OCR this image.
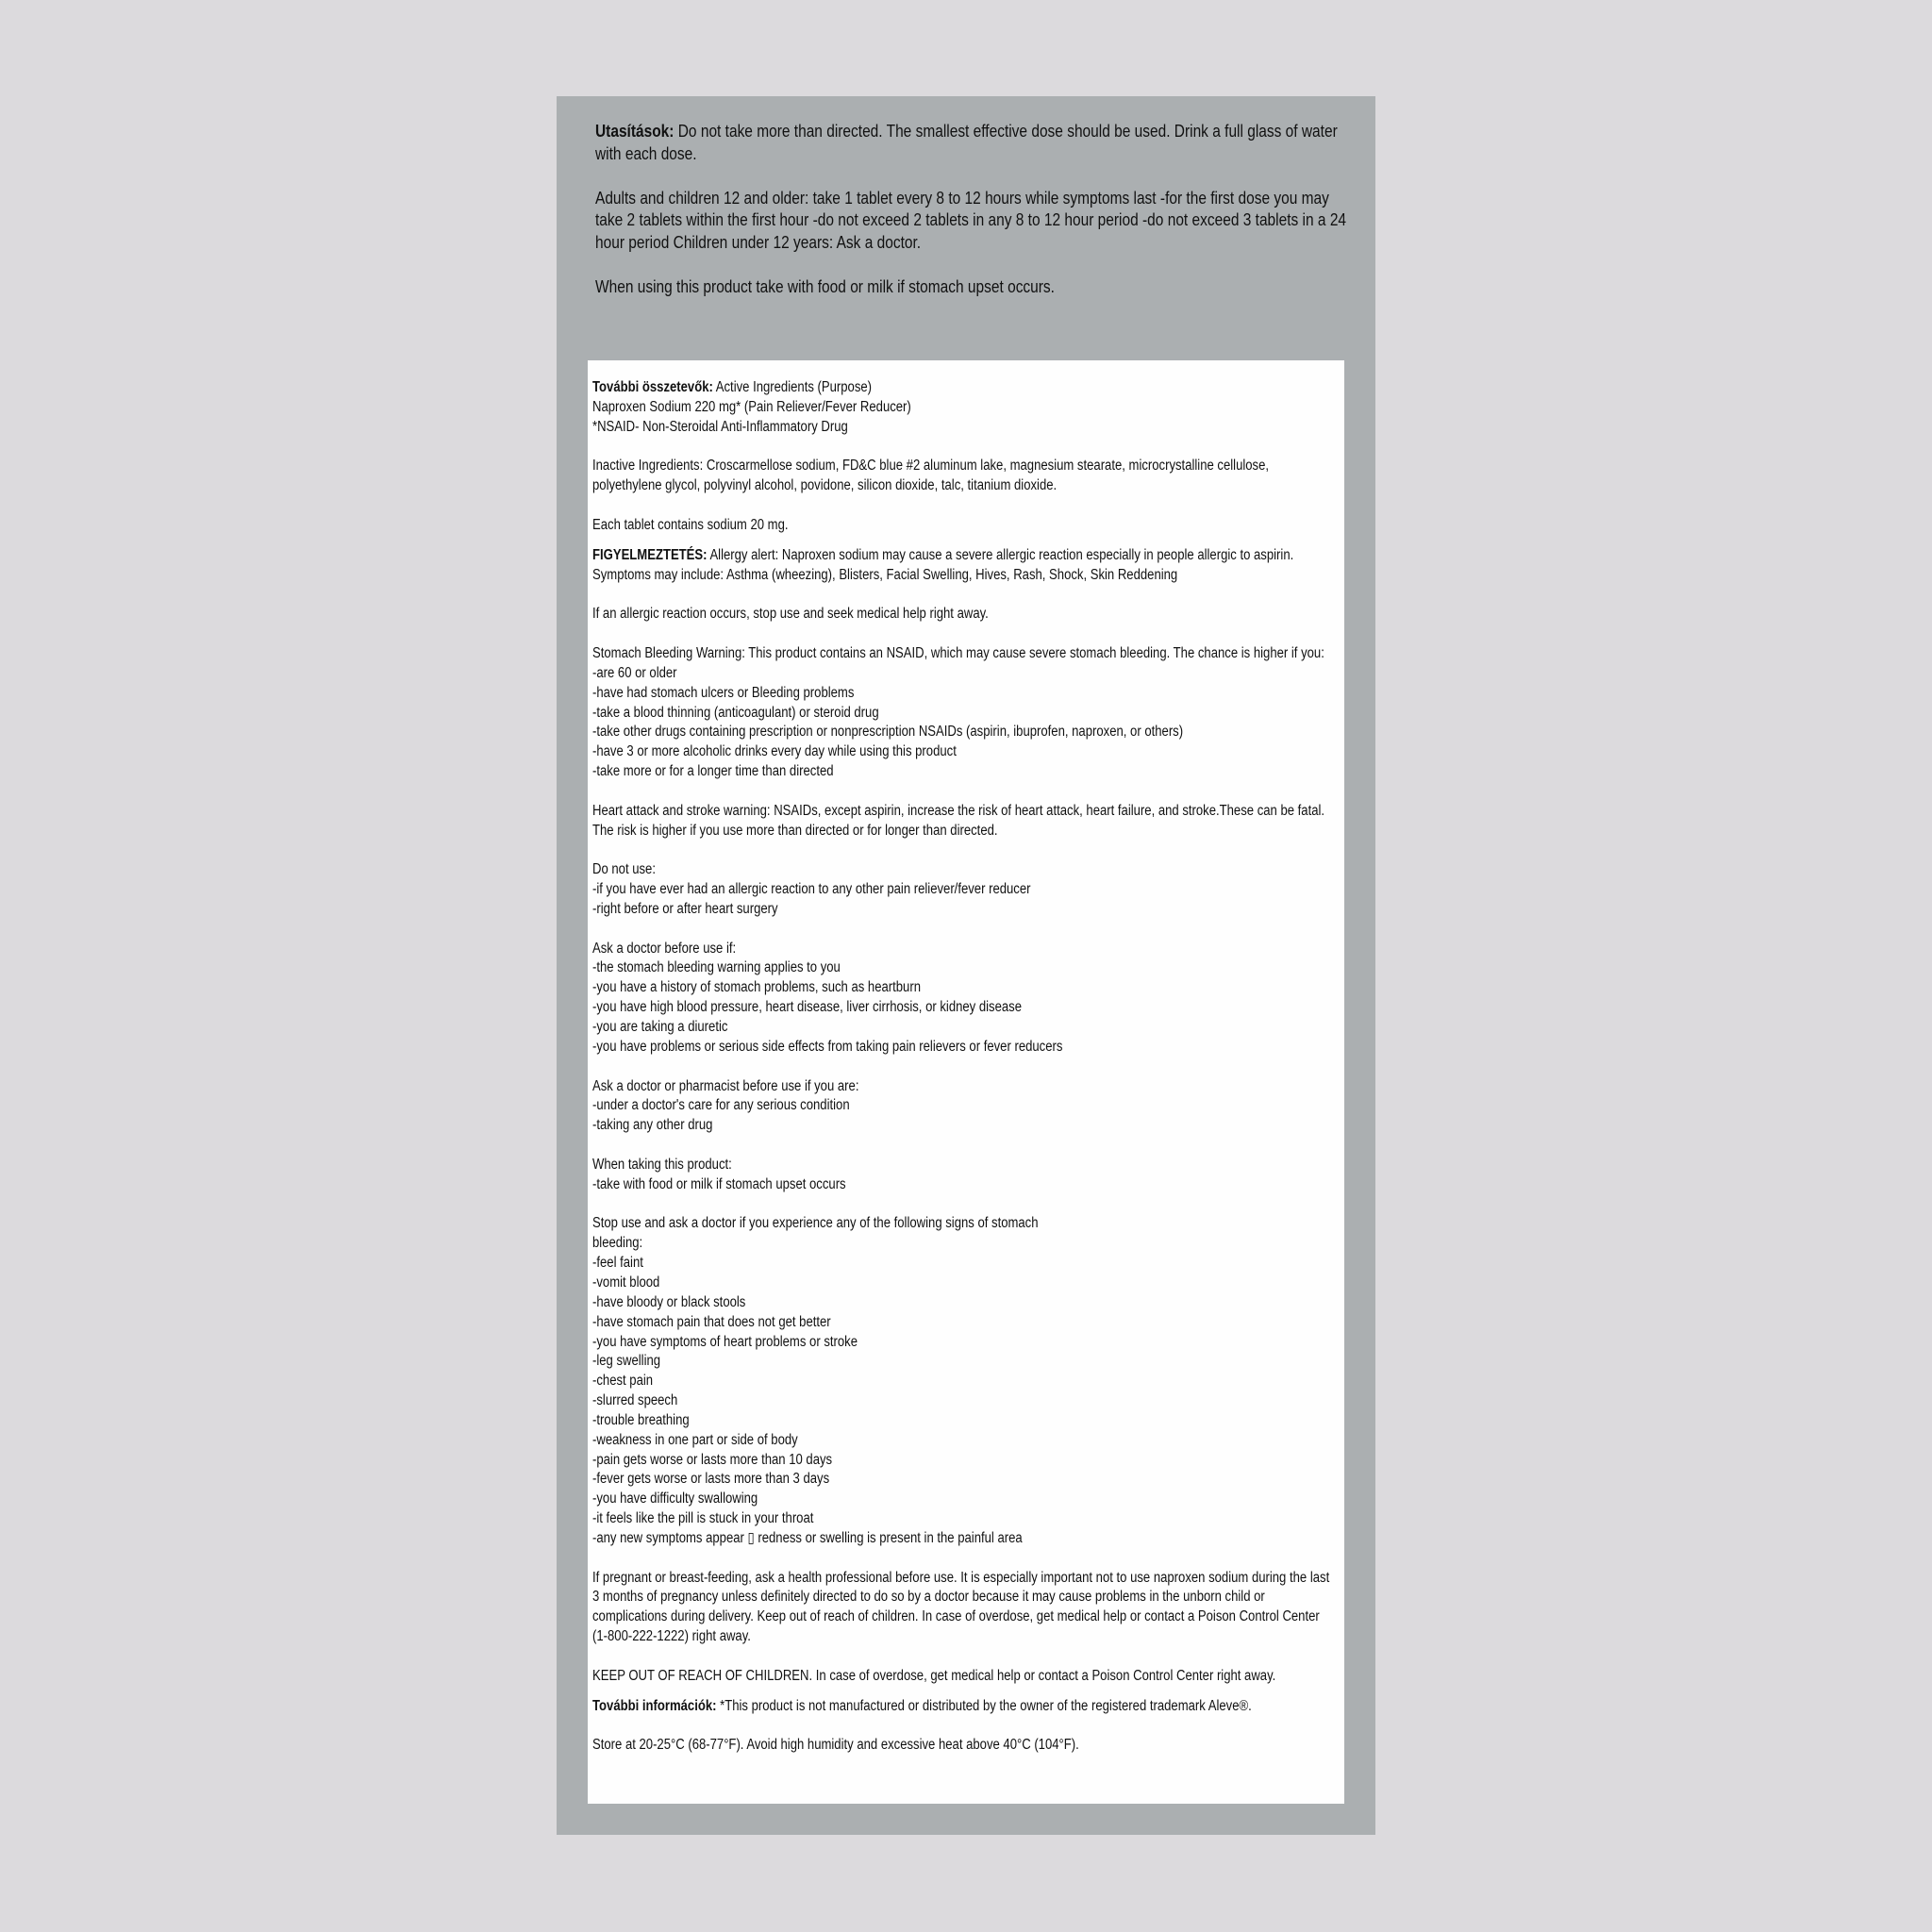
Utasítások: Do not take more than directed. The smallest effective dose should be used. Drink a full glass of water with each dose.

Adults and children 12 and older: take 1 tablet every 8 to 12 hours while symptoms last -for the first dose you may take 2 tablets within the first hour -do not exceed 2 tablets in any 8 to 12 hour period -do not exceed 3 tablets in a 24 hour period Children under 12 years: Ask a doctor.

When using this product take with food or milk if stomach upset occurs.

További összetevők: Active Ingredients (Purpose)
Naproxen Sodium 220 mg* (Pain Reliever/Fever Reducer)
*NSAID- Non-Steroidal Anti-Inflammatory Drug

Inactive Ingredients: Croscarmellose sodium, FD&C blue #2 aluminum lake, magnesium stearate, microcrystalline cellulose, polyethylene glycol, polyvinyl alcohol, povidone, silicon dioxide, talc, titanium dioxide.

Each tablet contains sodium 20 mg.

FIGYELMEZTETÉS: Allergy alert: Naproxen sodium may cause a severe allergic reaction especially in people allergic to aspirin. Symptoms may include: Asthma (wheezing), Blisters, Facial Swelling, Hives, Rash, Shock, Skin Reddening

If an allergic reaction occurs, stop use and seek medical help right away.

Stomach Bleeding Warning: This product contains an NSAID, which may cause severe stomach bleeding. The chance is higher if you:
-are 60 or older
-have had stomach ulcers or Bleeding problems
-take a blood thinning (anticoagulant) or steroid drug
-take other drugs containing prescription or nonprescription NSAIDs (aspirin, ibuprofen, naproxen, or others)
-have 3 or more alcoholic drinks every day while using this product
-take more or for a longer time than directed

Heart attack and stroke warning: NSAIDs, except aspirin, increase the risk of heart attack, heart failure, and stroke.These can be fatal. The risk is higher if you use more than directed or for longer than directed.

Do not use:
-if you have ever had an allergic reaction to any other pain reliever/fever reducer
-right before or after heart surgery

Ask a doctor before use if:
-the stomach bleeding warning applies to you
-you have a history of stomach problems, such as heartburn
-you have high blood pressure, heart disease, liver cirrhosis, or kidney disease
-you are taking a diuretic
-you have problems or serious side effects from taking pain relievers or fever reducers

Ask a doctor or pharmacist before use if you are:
-under a doctor's care for any serious condition
-taking any other drug

When taking this product:
-take with food or milk if stomach upset occurs

Stop use and ask a doctor if you experience any of the following signs of stomach
bleeding:
-feel faint
-vomit blood
-have bloody or black stools
-have stomach pain that does not get better
-you have symptoms of heart problems or stroke
-leg swelling
-chest pain
-slurred speech
-trouble breathing
-weakness in one part or side of body
-pain gets worse or lasts more than 10 days
-fever gets worse or lasts more than 3 days
-you have difficulty swallowing
-it feels like the pill is stuck in your throat
-any new symptoms appear ▯ redness or swelling is present in the painful area

If pregnant or breast-feeding, ask a health professional before use. It is especially important not to use naproxen sodium during the last 3 months of pregnancy unless definitely directed to do so by a doctor because it may cause problems in the unborn child or complications during delivery. Keep out of reach of children. In case of overdose, get medical help or contact a Poison Control Center (1-800-222-1222) right away.

KEEP OUT OF REACH OF CHILDREN. In case of overdose, get medical help or contact a Poison Control Center right away.

További információk: *This product is not manufactured or distributed by the owner of the registered trademark Aleve®.

Store at 20-25°C (68-77°F). Avoid high humidity and excessive heat above 40°C (104°F).
